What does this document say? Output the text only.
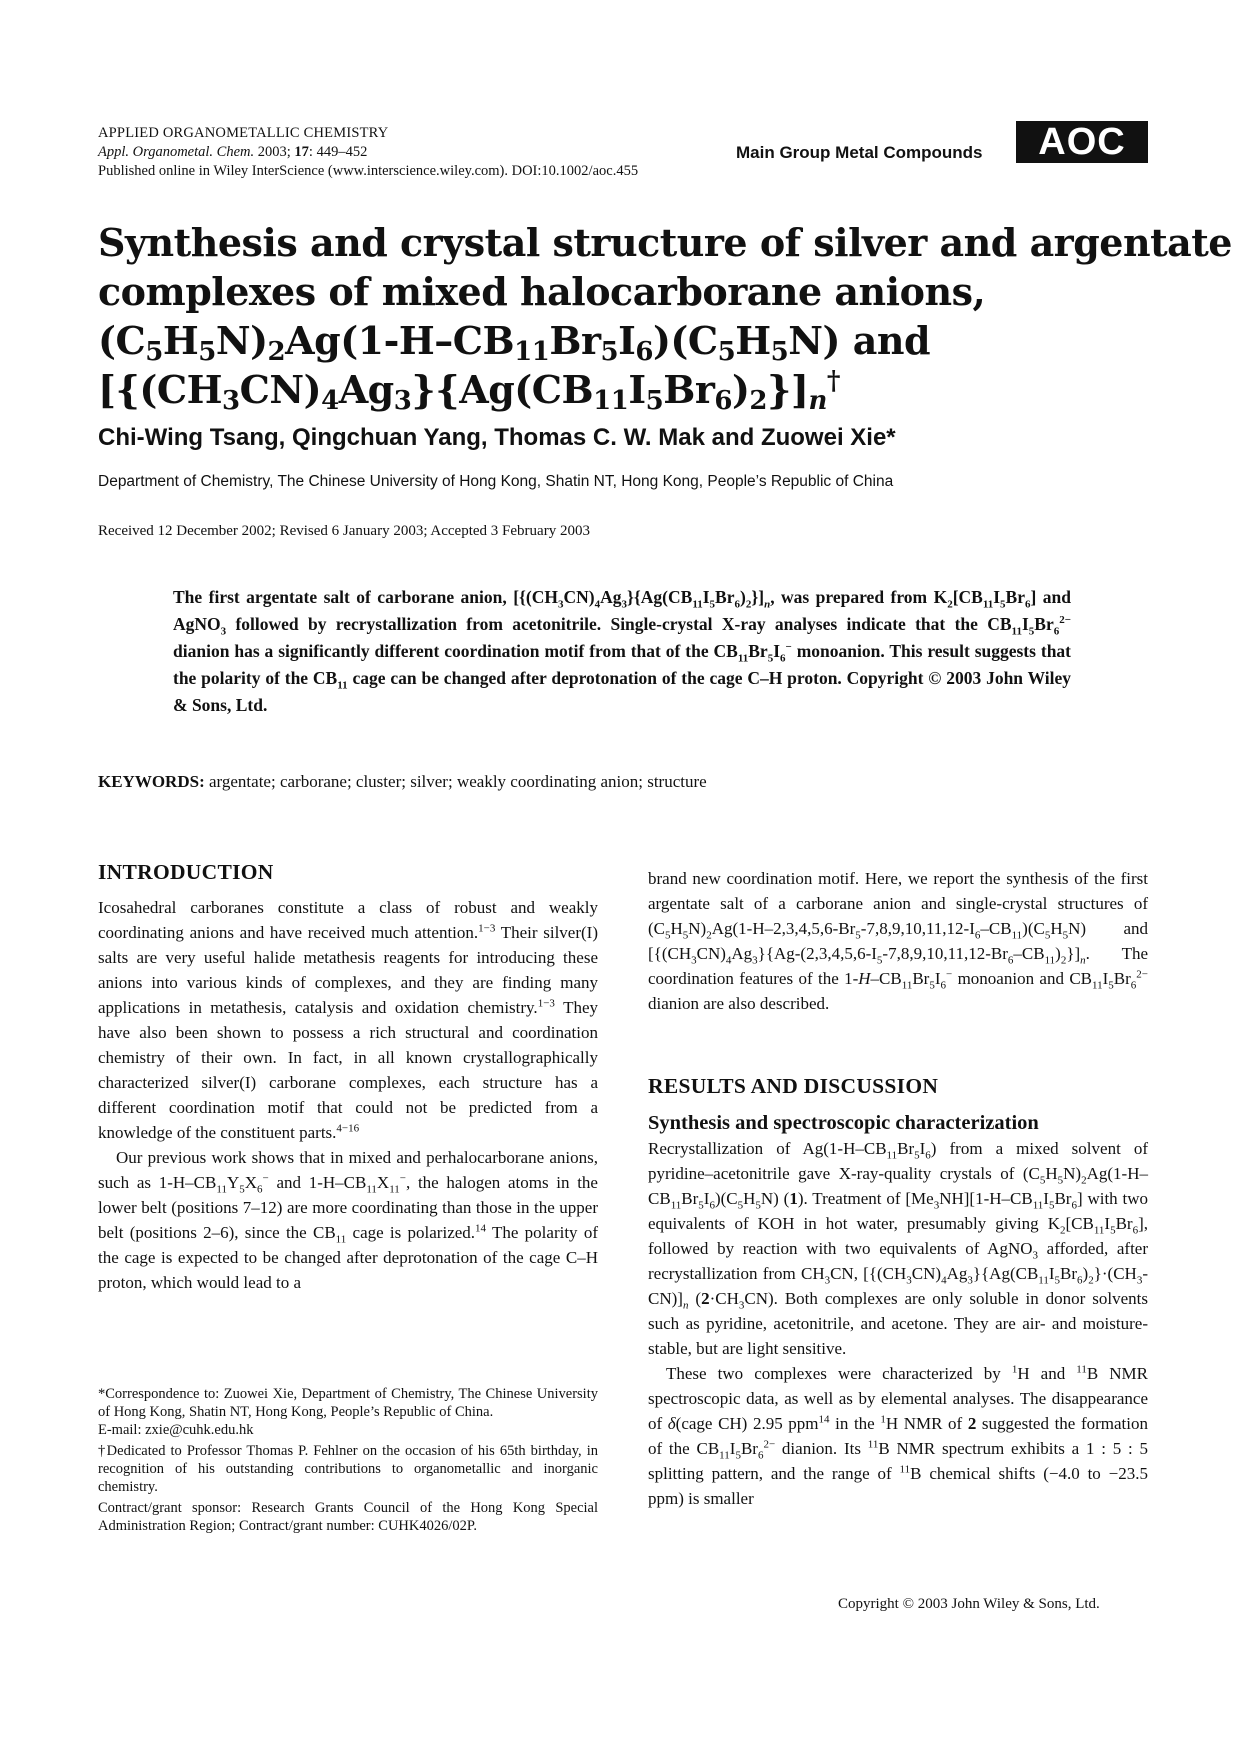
APPLIED ORGANOMETALLIC CHEMISTRY
Appl. Organometal. Chem. 2003; 17: 449–452
Published online in Wiley InterScience (www.interscience.wiley.com). DOI:10.1002/aoc.455
Main Group Metal Compounds	AOC
Synthesis and crystal structure of silver and argentate
complexes of mixed halocarborane anions,
$(C_5H_5N)_2Ag(1-H-CB_{11}Br_5I_6)(C_5H_5N)$ and
$[\{(CH_3CN)_4Ag_3\}\{Ag(CB_{11}I_5Br_6)_2\}]_n^\dagger$
Chi-Wing Tsang, Qingchuan Yang, Thomas C. W. Mak and Zuowei Xie*
Department of Chemistry, The Chinese University of Hong Kong, Shatin NT, Hong Kong, People’s Republic of China
Received 12 December 2002; Revised 6 January 2003; Accepted 3 February 2003
The first argentate salt of carborane anion, $[\{(CH_3CN)_4Ag_3\}\{Ag(CB_{11}I_5Br_6)_2\}]_n$, was prepared from $K_2[CB_{11}I_5Br_6]$ and AgNO$_3$ followed by recrystallization from acetonitrile. Single-crystal X-ray analyses indicate that the $CB_{11}I_5Br_6^{2-}$ dianion has a significantly different coordination motif from that of the $CB_{11}Br_5I_6^-$ monoanion. This result suggests that the polarity of the $CB_{11}$ cage can be changed after deprotonation of the cage C–H proton. Copyright © 2003 John Wiley & Sons, Ltd.
KEYWORDS: argentate; carborane; cluster; silver; weakly coordinating anion; structure
INTRODUCTION

Icosahedral carboranes constitute a class of robust and weakly coordinating anions and have received much attention.$^{1-3}$ Their silver(I) salts are very useful halide metathesis reagents for introducing these anions into various kinds of complexes, and they are finding many applications in metathesis, catalysis and oxidation chemistry.$^{1-3}$ They have also been shown to possess a rich structural and coordination chemistry of their own. In fact, in all known crystallographically characterized silver(I) carborane complexes, each structure has a different coordination motif that could not be predicted from a knowledge of the constituent parts.$^{4-16}$

Our previous work shows that in mixed and perhalocarborane anions, such as $1-H-CB_{11}Y_5X_6^-$ and $1-H-CB_{11}X_{11}^-$, the halogen atoms in the lower belt (positions 7–12) are more coordinating than those in the upper belt (positions 2–6), since the $CB_{11}$ cage is polarized.$^{14}$ The polarity of the cage is expected to be changed after deprotonation of the cage C–H proton, which would lead to a

*Correspondence to: Zuowei Xie, Department of Chemistry, The Chinese University of Hong Kong, Shatin NT, Hong Kong, People’s Republic of China.
E-mail: zxie@cuhk.edu.hk

†Dedicated to Professor Thomas P. Fehlner on the occasion of his 65th birthday, in recognition of his outstanding contributions to organometallic and inorganic chemistry.

Contract/grant sponsor: Research Grants Council of the Hong Kong Special Administration Region; Contract/grant number: CUHK4026/02P.

brand new coordination motif. Here, we report the synthesis of the first argentate salt of a carborane anion and single-crystal structures of $(C_5H_5N)_2Ag(1-H-2,3,4,5,6-Br_5-7,8,9,10,11,12-I_6-CB_{11})(C_5H_5N)$ and $[\{(CH_3CN)_4Ag_3\}\{Ag-(2,3,4,5,6-I_5-7,8,9,10,11,12-Br_6-CB_{11})_2\}]_n$. The coordination features of the $1-H-CB_{11}Br_5I_6^-$ monoanion and $CB_{11}I_5Br_6^{2-}$ dianion are also described.

RESULTS AND DISCUSSION
Synthesis and spectroscopic characterization

Recrystallization of $Ag(1-H-CB_{11}Br_5I_6)$ from a mixed solvent of pyridine–acetonitrile gave X-ray-quality crystals of $(C_5H_5N)_2Ag(1-H-CB_{11}Br_5I_6)(C_5H_5N)$ (1). Treatment of $[Me_3NH][1-H-CB_{11}I_5Br_6]$ with two equivalents of KOH in hot water, presumably giving $K_2[CB_{11}I_5Br_6]$, followed by reaction with two equivalents of AgNO$_3$ afforded, after recrystallization from $CH_3CN$, $[\{(CH_3CN)_4Ag_3\}\{Ag(CB_{11}I_5Br_6)_2\}\cdot(CH_3-CN)]_n$ $(2\cdot CH_3CN)$. Both complexes are only soluble in donor solvents such as pyridine, acetonitrile, and acetone. They are air- and moisture-stable, but are light sensitive.

These two complexes were characterized by $^1$H and $^{11}$B NMR spectroscopic data, as well as by elemental analyses. The disappearance of δ(cage CH) 2.95 ppm$^{14}$ in the $^1$H NMR of 2 suggested the formation of the $CB_{11}I_5Br_6^{2-}$ dianion. Its $^{11}$B NMR spectrum exhibits a 1 : 5 : 5 splitting pattern, and the range of $^{11}$B chemical shifts (−4.0 to −23.5 ppm) is smaller

Copyright © 2003 John Wiley & Sons, Ltd.
